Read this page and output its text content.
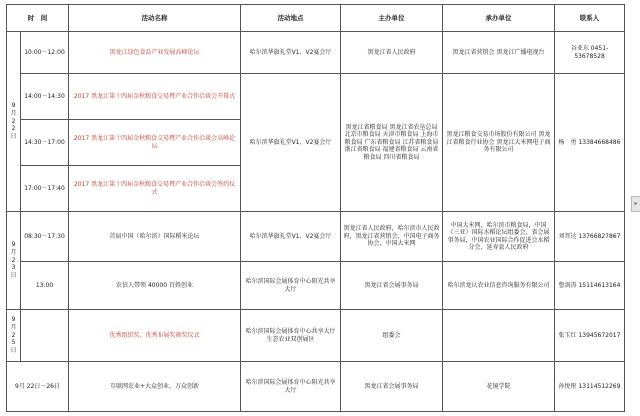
时　间		活动名称	活动地点	主办单位	承办单位	联系人

9月22日	10:00－12:00	黑龙江绿色食品产业发展高峰论坛	哈尔滨华旗礼堂V1、V2宴会厅	黑龙江省人民政府	黑龙江省营销会 黑龙江广播电视台	谷亚东 0451-53678528
	14:00－14:30	2017 黑龙江第十四届金秋粮食交易暨产业合作洽谈会开幕式	哈尔滨华旗礼堂V1、V2宴会厅	黑龙江省粮食局 黑龙江省农垦总局 北京市粮食局 天津市粮食局 上海市粮食局 广东省粮食局 江苏省粮食局 浙江省粮食局 福建省粮食局 云南省粮食局 四川省粮食局	黑龙江粮食交易市场股份有限公司 黑龙江省粮食行业协会 黑龙江大米网电子商务有限公司	杨　勇 13384668486
	14:30－17:00	2017 黑龙江第十四届金秋粮食交易暨产业合作洽谈会高峰论坛				
	17:00－17:40	2017 黑龙江第十四届金秋粮食交易暨产业合作洽谈会签约仪式				

9月23日	08:30－17:30	首届中国（哈尔滨）国际稻米论坛	哈尔滨华旗礼堂V1、V2宴会厅	黑龙江省人民政府，哈尔滨市人民政府，黑龙江省营销会，中国电子商务协会，中国大米网	中国大米网，哈尔滨市粮食局，中国（三亚）国际水稻论坛组委会，省会展事务局，中国农业国际合作促进会水稻分会，延寿县人民政府	刘晋达 13766827867
	13:00	农信人带领 40000 百姓创业	哈尔滨国际会展体育中心阳光共享大厅	黑龙江省会展事务局	哈尔滨龙认农业信息咨询服务有限公司	鲁剑涛 15114613164

9月25日		优秀组织奖、优秀布展奖颁奖仪式	哈尔滨国际会展体育中心共享大厅生态农业双创展区	组委会		张玉红 13945672017
9月 22日－26日		互联网农业+大众创业、万众创新	哈尔滨国际会展体育中心阳光共享大厅	黑龙江省会展事务局	花镜学院	孙悦彤 13114512269
▸
